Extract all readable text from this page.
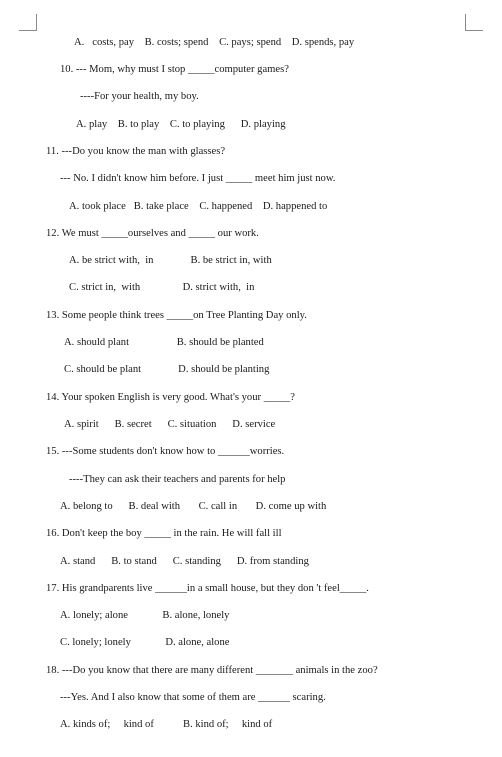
A.   costs, pay    B. costs; spend    C. pays; spend    D. spends, pay
10. --- Mom, why must I stop _____computer games?
----For your health, my boy.
A. play    B. to play    C. to playing      D. playing
11. ---Do you know the man with glasses?
--- No. I didn't know him before. I just _____ meet him just now.
A. took place   B. take place    C. happened    D. happened to
12. We must _____ourselves and _____ our work.
A. be strict with,  in              B. be strict in, with
C. strict in,  with                D. strict with,  in
13. Some people think trees _____on Tree Planting Day only.
A. should plant                  B. should be planted
C. should be plant              D. should be planting
14. Your spoken English is very good. What's your _____?
A. spirit      B. secret      C. situation      D. service
15. ---Some students don't know how to ______worries.
----They can ask their teachers and parents for help
A. belong to      B. deal with       C. call in       D. come up with
16. Don't keep the boy _____ in the rain. He will fall ill
A. stand      B. to stand      C. standing      D. from standing
17. His grandparents live ______in a small house, but they don 't feel_____.
A. lonely; alone             B. alone, lonely
C. lonely; lonely             D. alone, alone
18. ---Do you know that there are many different _______ animals in the zoo?
---Yes. And I also know that some of them are ______ scaring.
A. kinds of;     kind of           B. kind of;     kind of
